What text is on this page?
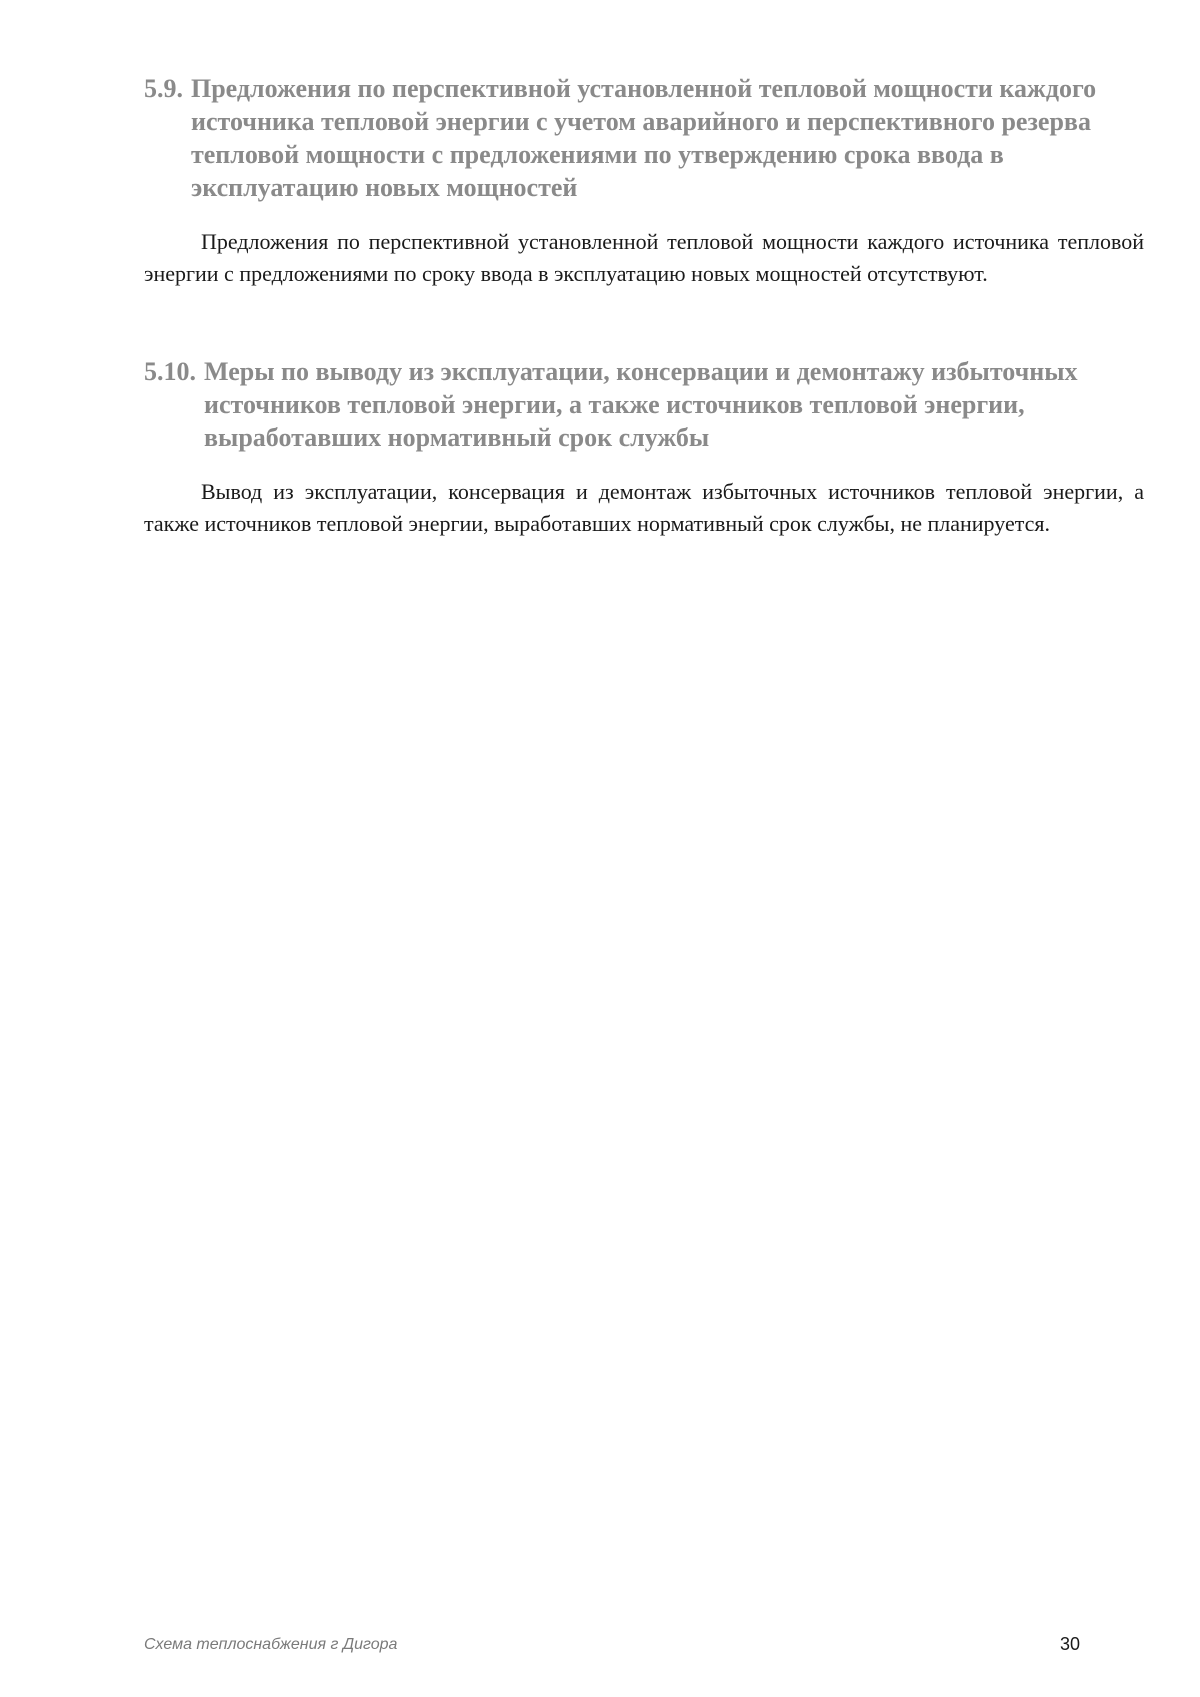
5.9. Предложения по перспективной установленной тепловой мощности каждого источника тепловой энергии с учетом аварийного и перспективного резерва тепловой мощности с предложениями по утверждению срока ввода в эксплуатацию новых мощностей

Предложения по перспективной установленной тепловой мощности каждого источника тепловой энергии с предложениями по сроку ввода в эксплуатацию новых мощностей отсутствуют.

5.10. Меры по выводу из эксплуатации, консервации и демонтажу избыточных источников тепловой энергии, а также источников тепловой энергии, выработавших нормативный срок службы

Вывод из эксплуатации, консервация и демонтаж избыточных источников тепловой энергии, а также источников тепловой энергии, выработавших нормативный срок службы, не планируется.

Схема теплоснабжения г Дигора	30
